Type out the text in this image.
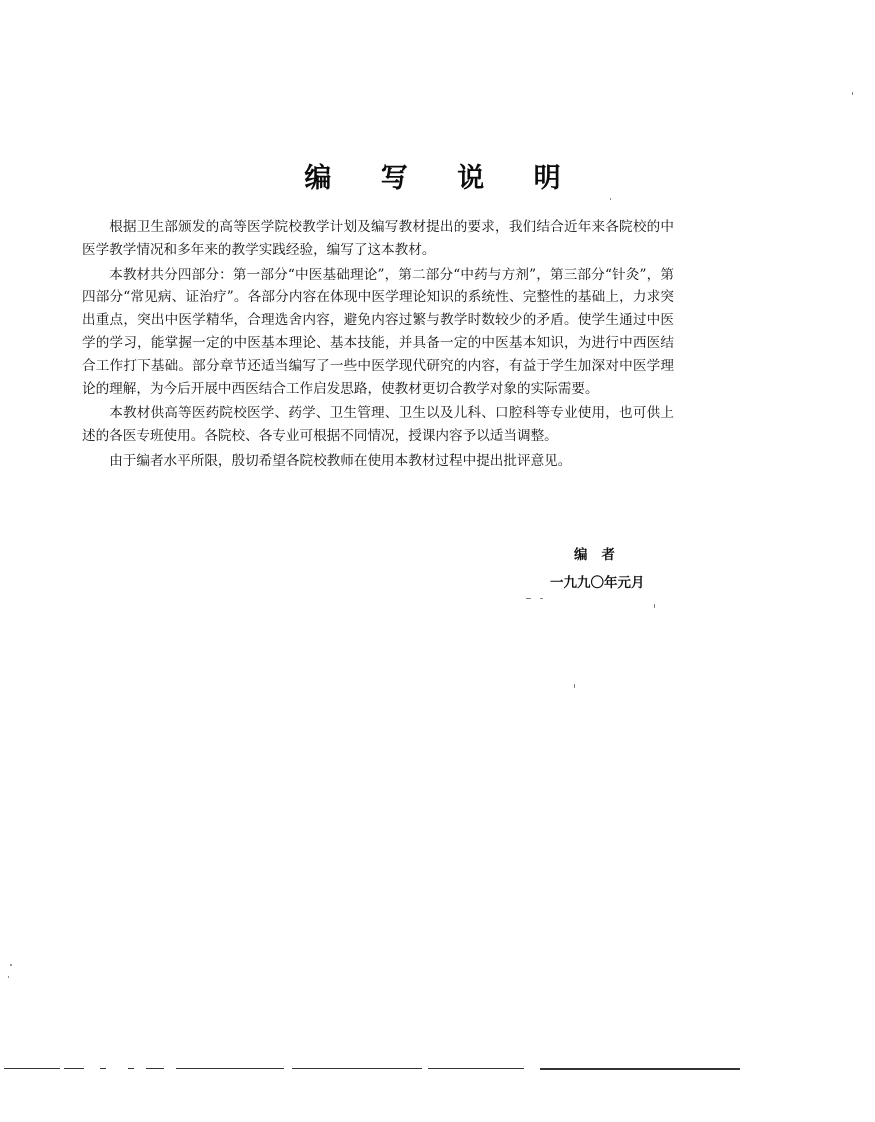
编 写 说 明

根据卫生部颁发的高等医学院校教学计划及编写教材提出的要求，我们结合近年来各院校的中医学教学情况和多年来的教学实践经验，编写了这本教材。

本教材共分四部分：第一部分“中医基础理论”，第二部分“中药与方剂”，第三部分“针灸”，第四部分“常见病、证治疗”。各部分内容在体现中医学理论知识的系统性、完整性的基础上，力求突出重点，突出中医学精华，合理选舍内容，避免内容过繁与教学时数较少的矛盾。使学生通过中医学的学习，能掌握一定的中医基本理论、基本技能，并具备一定的中医基本知识，为进行中西医结合工作打下基础。部分章节还适当编写了一些中医学现代研究的内容，有益于学生加深对中医学理论的理解，为今后开展中西医结合工作启发思路，使教材更切合教学对象的实际需要。

本教材供高等医药院校医学、药学、卫生管理、卫生以及儿科、口腔科等专业使用，也可供上述的各医专班使用。各院校、各专业可根据不同情况，授课内容予以适当调整。

由于编者水平所限，殷切希望各院校教师在使用本教材过程中提出批评意见。

编者
一九九〇年元月
